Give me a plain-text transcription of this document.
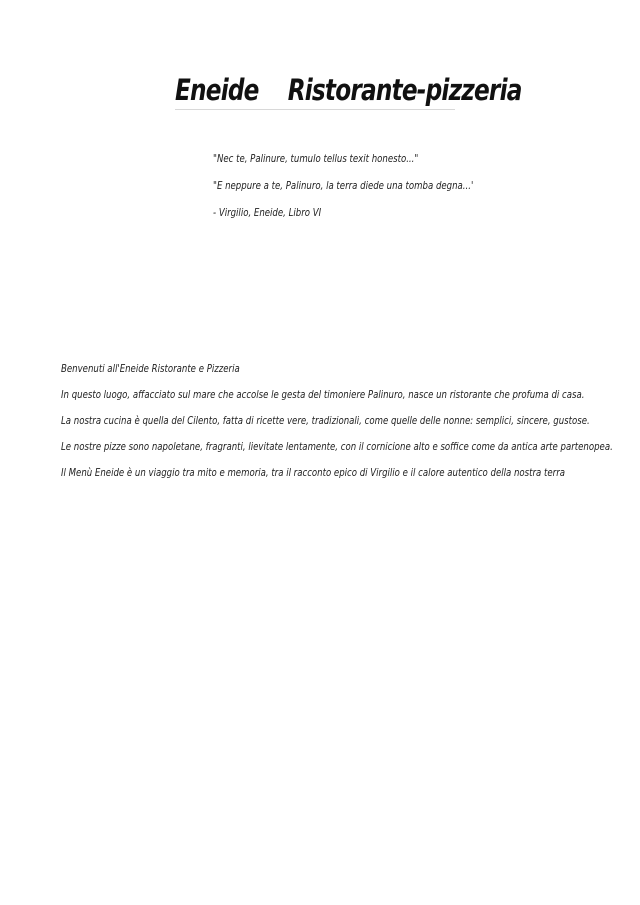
Eneide    Ristorante-pizzeria

"Nec te, Palinure, tumulo tellus texit honesto..."

"E neppure a te, Palinuro, la terra diede una tomba degna...'

- Virgilio, Eneide, Libro VI

Benvenuti all'Eneide Ristorante e Pizzeria

In questo luogo, affacciato sul mare che accolse le gesta del timoniere Palinuro, nasce un ristorante che profuma di casa.

La nostra cucina è quella del Cilento, fatta di ricette vere, tradizionali, come quelle delle nonne: semplici, sincere, gustose.

Le nostre pizze sono napoletane, fragranti, lievitate lentamente, con il cornicione alto e soffice come da antica arte partenopea.

Il Menù Eneide è un viaggio tra mito e memoria, tra il racconto epico di Virgilio e il calore autentico della nostra terra
